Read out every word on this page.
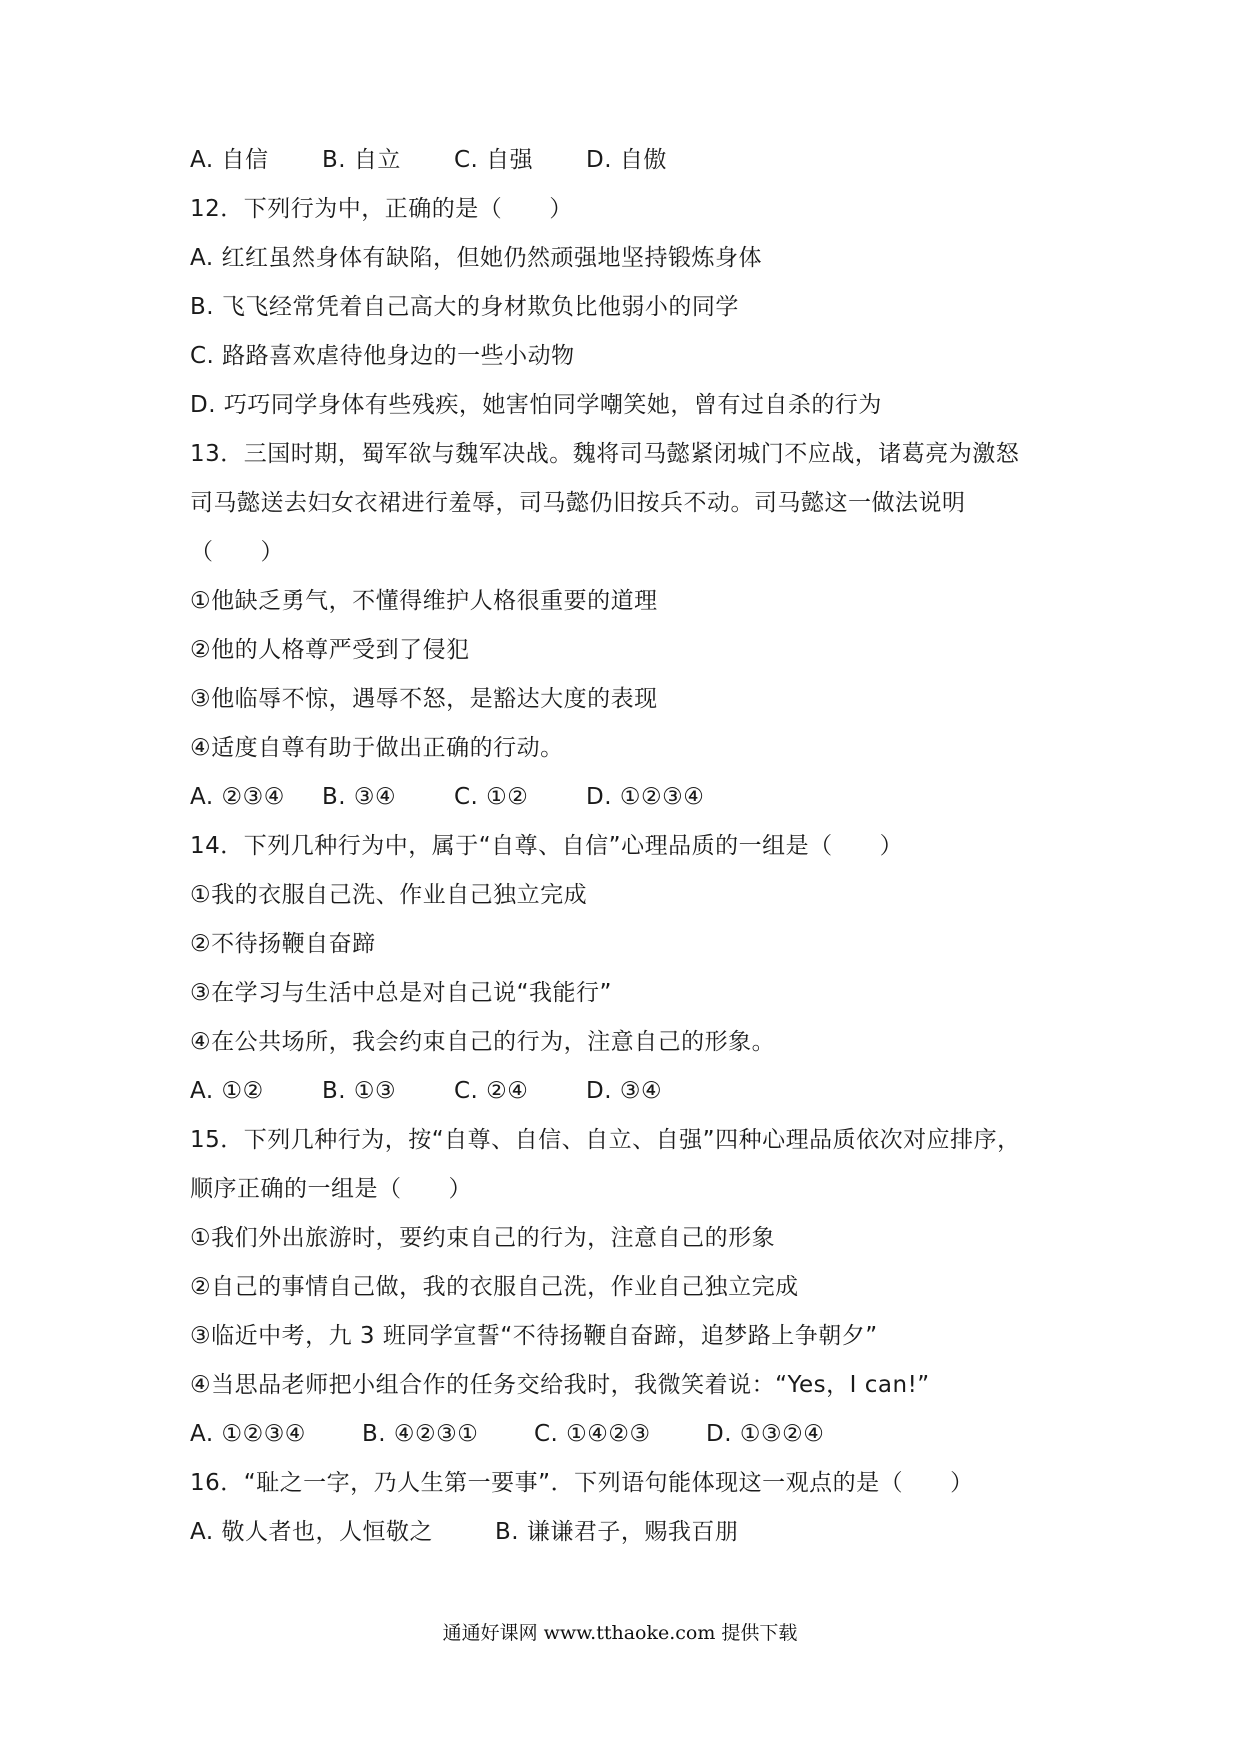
A. 自信 B. 自立 C. 自强 D. 自傲
12．下列行为中，正确的是（　　）
A. 红红虽然身体有缺陷，但她仍然顽强地坚持锻炼身体
B. 飞飞经常凭着自己高大的身材欺负比他弱小的同学
C. 路路喜欢虐待他身边的一些小动物
D. 巧巧同学身体有些残疾，她害怕同学嘲笑她，曾有过自杀的行为
13．三国时期，蜀军欲与魏军决战。魏将司马懿紧闭城门不应战，诸葛亮为激怒
司马懿送去妇女衣裙进行羞辱，司马懿仍旧按兵不动。司马懿这一做法说明
（　　）
①他缺乏勇气，不懂得维护人格很重要的道理
②他的人格尊严受到了侵犯
③他临辱不惊，遇辱不怒，是豁达大度的表现
④适度自尊有助于做出正确的行动。
A. ②③④ B. ③④	C. ①②	D. ①②③④
14．下列几种行为中，属于“自尊、自信”心理品质的一组是（　　）
①我的衣服自己洗、作业自己独立完成
②不待扬鞭自奋蹄
③在学习与生活中总是对自己说“我能行”
④在公共场所，我会约束自己的行为，注意自己的形象。
A. ①②	B. ①③	C. ②④	D. ③④
15．下列几种行为，按“自尊、自信、自立、自强”四种心理品质依次对应排序，
顺序正确的一组是（　　）
①我们外出旅游时，要约束自己的行为，注意自己的形象
②自己的事情自己做，我的衣服自己洗，作业自己独立完成
③临近中考，九 3 班同学宣誓“不待扬鞭自奋蹄，追梦路上争朝夕”
④当思品老师把小组合作的任务交给我时，我微笑着说：“Yes，I can!”
A. ①②③④ B. ④②③① C. ①④②③ D. ①③②④
16．“耻之一字，乃人生第一要事”．下列语句能体现这一观点的是（　　）
A. 敬人者也，人恒敬之	B. 谦谦君子，赐我百朋
通通好课网 www.tthaoke.com 提供下载
